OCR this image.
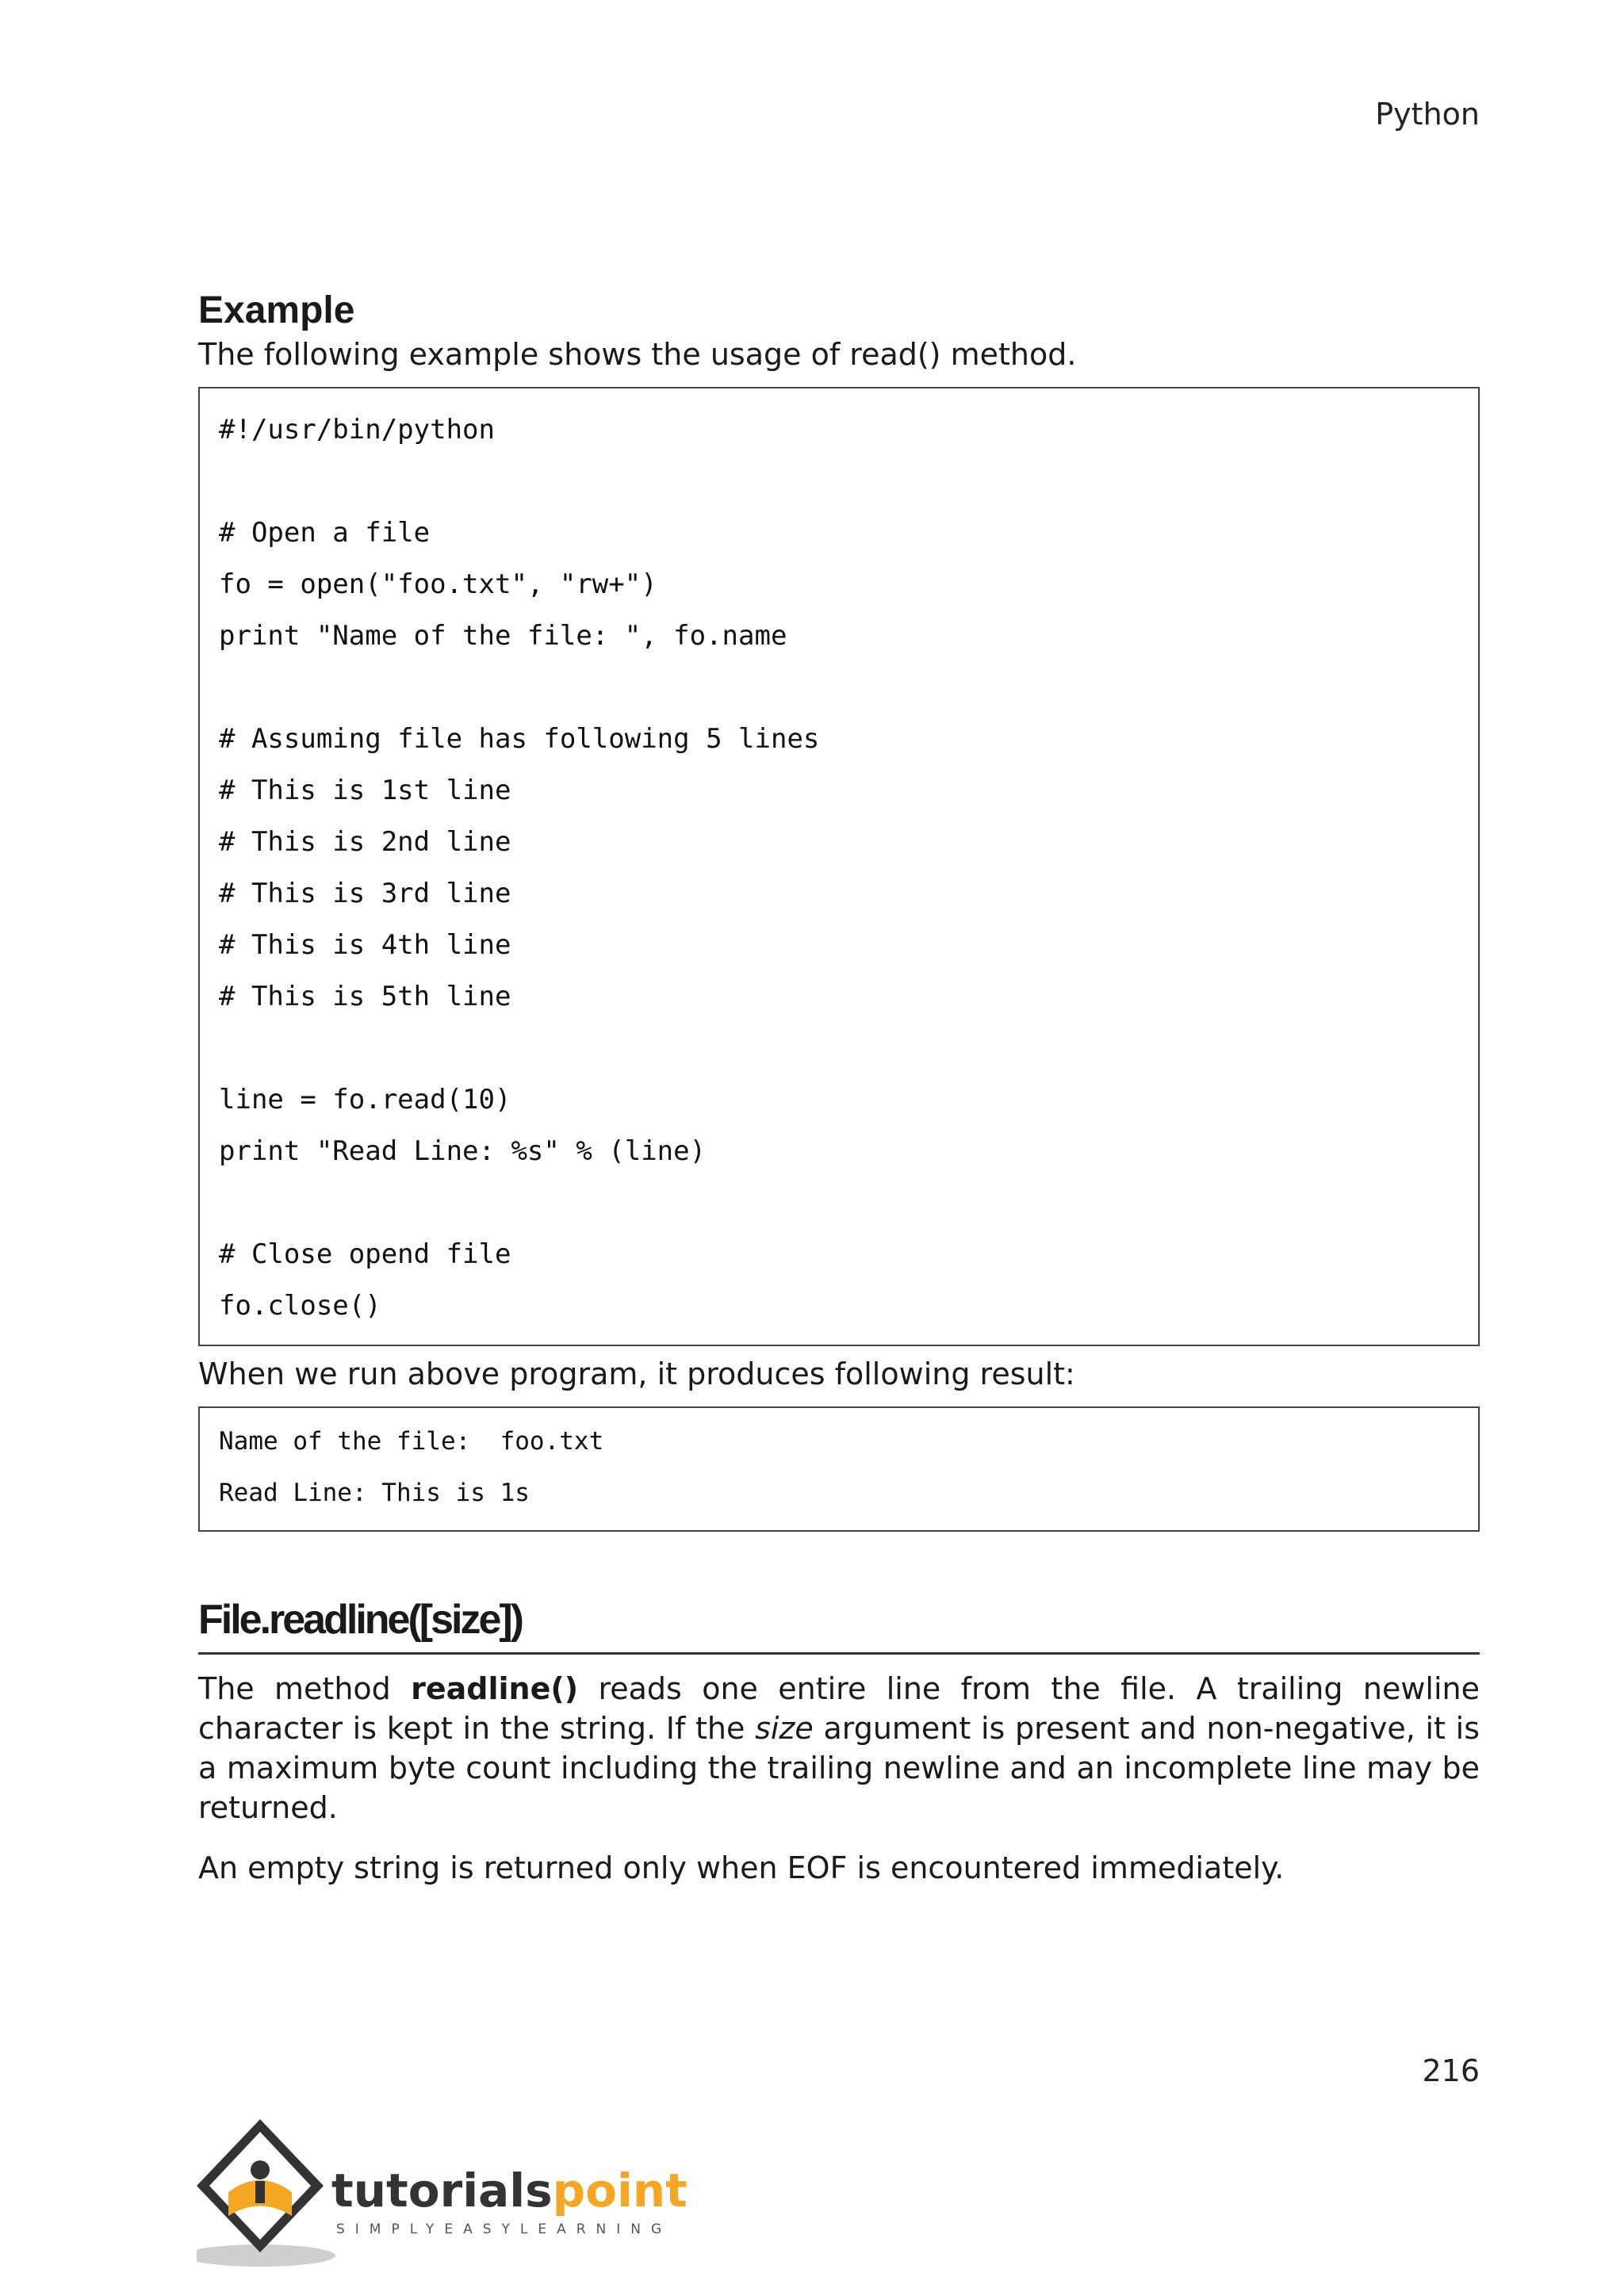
Python
Example

The following example shows the usage of read() method.

#!/usr/bin/python

# Open a file
fo = open("foo.txt", "rw+")
print "Name of the file: ", fo.name

# Assuming file has following 5 lines
# This is 1st line
# This is 2nd line
# This is 3rd line
# This is 4th line
# This is 5th line

line = fo.read(10)
print "Read Line: %s" % (line)

# Close opend file
fo.close()

When we run above program, it produces following result:

Name of the file:  foo.txt
Read Line: This is 1s
File.readline([size])

The method readline() reads one entire line from the file. A trailing newline character is kept in the string. If the size argument is present and non-negative, it is a maximum byte count including the trailing newline and an incomplete line may be returned.

An empty string is returned only when EOF is encountered immediately.

216
tutorialspoint
SIMPLYEASYLEARNING
